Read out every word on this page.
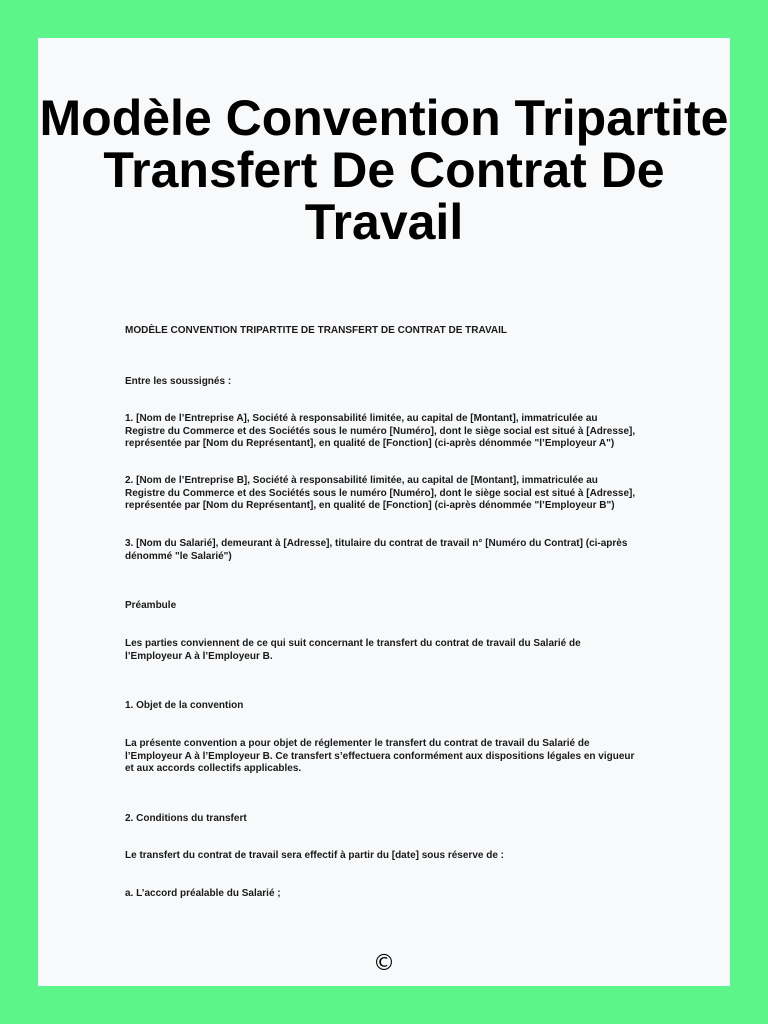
Modèle Convention Tripartite
Transfert De Contrat De
Travail

MODÈLE CONVENTION TRIPARTITE DE TRANSFERT DE CONTRAT DE TRAVAIL

Entre les soussignés :

1. [Nom de l’Entreprise A], Société à responsabilité limitée, au capital de [Montant], immatriculée au
Registre du Commerce et des Sociétés sous le numéro [Numéro], dont le siège social est situé à [Adresse],
représentée par [Nom du Représentant], en qualité de [Fonction] (ci-après dénommée "l’Employeur A")

2. [Nom de l’Entreprise B], Société à responsabilité limitée, au capital de [Montant], immatriculée au
Registre du Commerce et des Sociétés sous le numéro [Numéro], dont le siège social est situé à [Adresse],
représentée par [Nom du Représentant], en qualité de [Fonction] (ci-après dénommée "l’Employeur B")

3. [Nom du Salarié], demeurant à [Adresse], titulaire du contrat de travail n° [Numéro du Contrat] (ci-après
dénommé "le Salarié")

Préambule

Les parties conviennent de ce qui suit concernant le transfert du contrat de travail du Salarié de
l’Employeur A à l’Employeur B.

1. Objet de la convention

La présente convention a pour objet de réglementer le transfert du contrat de travail du Salarié de
l’Employeur A à l’Employeur B. Ce transfert s’effectuera conformément aux dispositions légales en vigueur
et aux accords collectifs applicables.

2. Conditions du transfert

Le transfert du contrat de travail sera effectif à partir du [date] sous réserve de :

a. L’accord préalable du Salarié ;

©
